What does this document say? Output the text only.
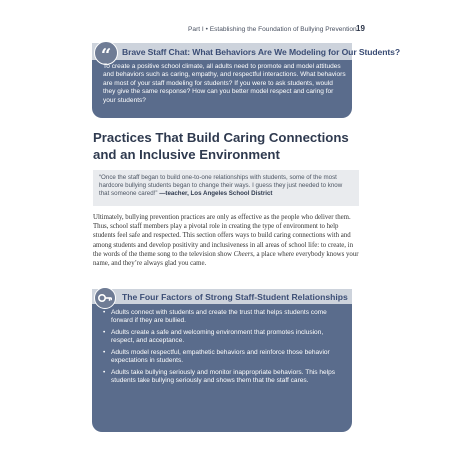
Part I • Establishing the Foundation of Bullying Prevention 19
“	Brave Staff Chat: What Behaviors Are We Modeling for Our Students?
To create a positive school climate, all adults need to promote and model attitudes and behaviors such as caring, empathy, and respectful interactions. What behaviors are most of your staff modeling for students? If you were to ask students, would they give the same response? How can you better model respect and caring for your students?
Practices That Build Caring Connections and an Inclusive Environment
“Once the staff began to build one-to-one relationships with students, some of the most hardcore bullying students began to change their ways. I guess they just needed to know that someone cared!” —teacher, Los Angeles School District
Ultimately, bullying prevention practices are only as effective as the people who deliver them. Thus, school staff members play a pivotal role in creating the type of environment to help students feel safe and respected. This section offers ways to build caring connections with and among students and develop positivity and inclusiveness in all areas of school life: to create, in the words of the theme song to the television show Cheers, a place where everybody knows your name, and they’re always glad you came.
The Four Factors of Strong Staff-Student Relationships
• Adults connect with students and create the trust that helps students come forward if they are bullied.
• Adults create a safe and welcoming environment that promotes inclusion, respect, and acceptance.
• Adults model respectful, empathetic behaviors and reinforce those behavior expectations in students.
• Adults take bullying seriously and monitor inappropriate behaviors. This helps students take bullying seriously and shows them that the staff cares.
